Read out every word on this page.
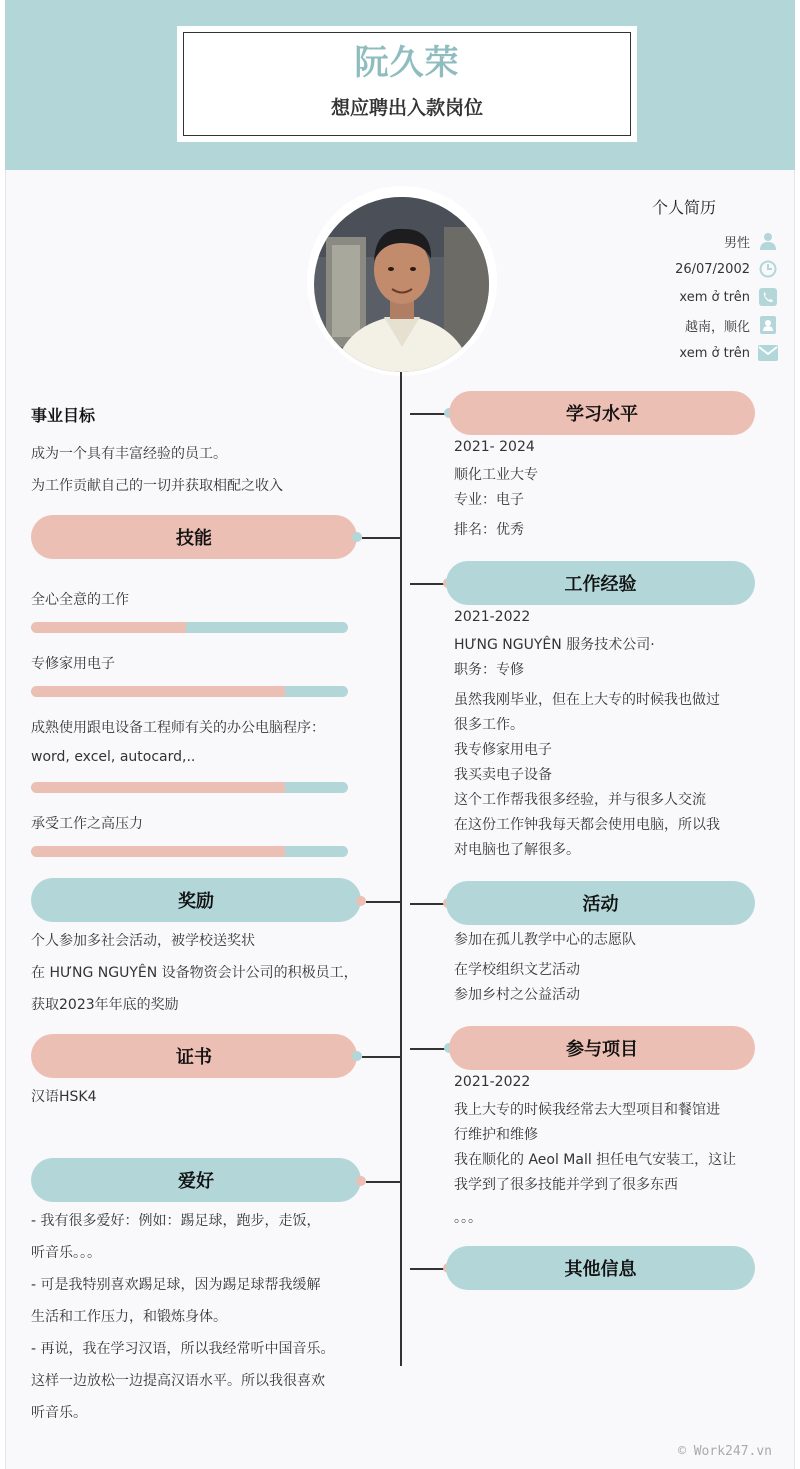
阮久荣
想应聘出入款岗位
个人简历
男性
26/07/2002
xem ở trên
越南，顺化
xem ở trên
事业目标
成为一个具有丰富经验的员工。
为工作贡献自己的一切并获取相配之收入
技能
全心全意的工作
专修家用电子
成熟使用跟电设备工程师有关的办公电脑程序：
word, excel, autocard,..
承受工作之高压力
奖励
个人参加多社会活动，被学校送奖状
在 HƯNG NGUYÊN 设备物资会计公司的积极员工，
获取2023年年底的奖励
证书
汉语HSK4
爱好
- 我有很多爱好：例如：踢足球，跑步，走饭，
听音乐。。。
- 可是我特别喜欢踢足球，因为踢足球帮我缓解
生活和工作压力，和锻炼身体。
- 再说，我在学习汉语，所以我经常听中国音乐。
这样一边放松一边提高汉语水平。所以我很喜欢
听音乐。
学习水平
2021- 2024
顺化工业大专
专业：电子
排名：优秀
工作经验
2021-2022
HƯNG NGUYÊN 服务技术公司·
职务：专修
虽然我刚毕业，但在上大专的时候我也做过
很多工作。
我专修家用电子
我买卖电子设备
这个工作帮我很多经验，并与很多人交流
在这份工作钟我每天都会使用电脑，所以我
对电脑也了解很多。
活动
参加在孤儿教学中心的志愿队
在学校组织文艺活动
参加乡村之公益活动
参与项目
2021-2022
我上大专的时候我经常去大型项目和餐馆进
行维护和维修
我在顺化的 Aeol Mall 担任电气安装工，这让
我学到了很多技能并学到了很多东西
。。。
其他信息
© Work247.vn
